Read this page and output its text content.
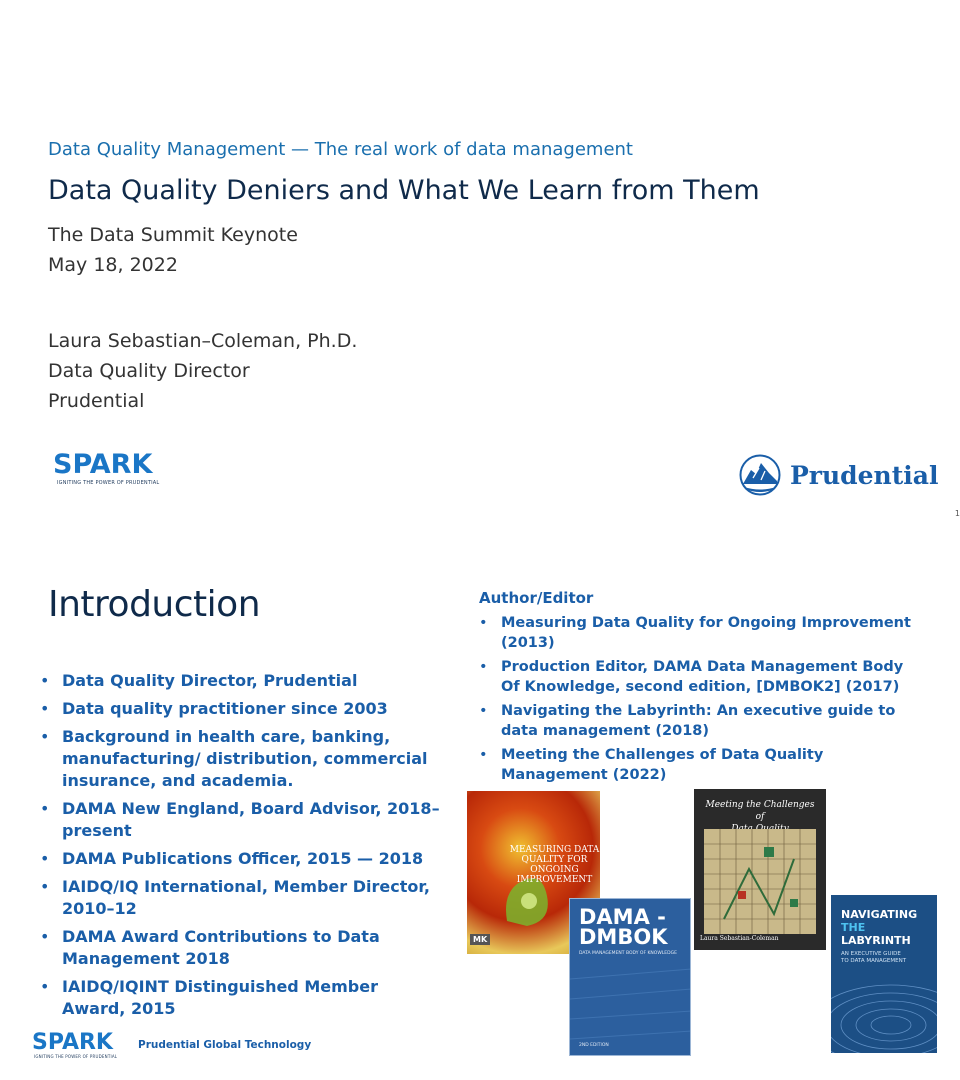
Data Quality Management — The real work of data management
Data Quality Deniers and What We Learn from Them
The Data Summit Keynote
May 18, 2022
Laura Sebastian–Coleman, Ph.D.
Data Quality Director
Prudential
SPARK
IGNITING THE POWER OF PRUDENTIAL	Prudential
1
Introduction
• Data Quality Director, Prudential
• Data quality practitioner since 2003
• Background in health care, banking, manufacturing/ distribution, commercial insurance, and academia.
• DAMA New England, Board Advisor, 2018–present
• DAMA Publications Officer, 2015 — 2018
• IAIDQ/IQ International, Member Director, 2010–12
• DAMA Award Contributions to Data Management 2018
• IAIDQ/IQINT Distinguished Member Award, 2015
Author/Editor
• Measuring Data Quality for Ongoing Improvement (2013)
• Production Editor, DAMA Data Management Body Of Knowledge, second edition, [DMBOK2] (2017)
• Navigating the Labyrinth: An executive guide to data management (2018)
• Meeting the Challenges of Data Quality Management (2022)
MEASURING DATA
QUALITY FOR
ONGOING IMPROVEMENT
MK
DAMA -
DMBOK
DATA MANAGEMENT BODY OF KNOWLEDGE
2ND EDITION
Meeting the Challenges of

Laura Sebastian-Coleman
NAVIGATING
THE
LABYRINTH
AN EXECUTIVE GUIDE
TO DATA MANAGEMENT
SPARK
IGNITING THE POWER OF PRUDENTIAL
Prudential Global Technology
